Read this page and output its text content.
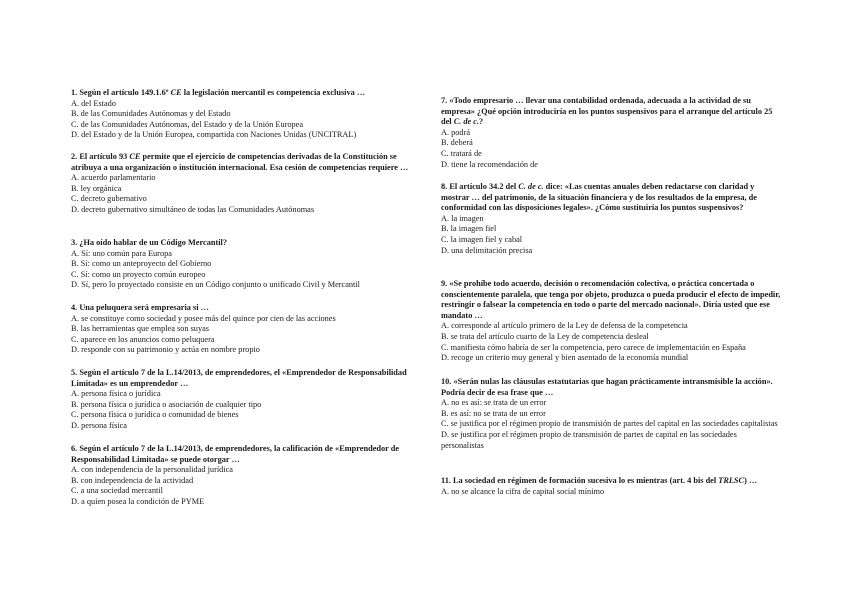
1. Según el artículo 149.1.6º CE la legislación mercantil es competencia exclusiva …

A. del Estado

B. de las Comunidades Autónomas y del Estado

C. de las Comunidades Autónomas, del Estado y de la Unión Europea

D. del Estado y de la Unión Europea, compartida con Naciones Unidas (UNCITRAL)

2. El artículo 93 CE permite que el ejercicio de competencias derivadas de la Constitución se atribuya a una organización o institución internacional. Esa cesión de competencias requiere …

A. acuerdo parlamentario

B. ley orgánica

C. decreto gubernativo

D. decreto gubernativo simultáneo de todas las Comunidades Autónomas

3. ¿Ha oído hablar de un Código Mercantil?

A. Sí: uno común para Europa

B. Sí: como un anteproyecto del Gobierno

C. Sí: como un proyecto común europeo

D. Sí, pero lo proyectado consiste en un Código conjunto o unificado Civil y Mercantil

4. Una peluquera será empresaria si …

A. se constituye como sociedad y posee más del quince por cien de las acciones

B. las herramientas que emplea son suyas

C. aparece en los anuncios como peluquera

D. responde con su patrimonio y actúa en nombre propio

5. Según el artículo 7 de la L.14/2013, de emprendedores, el «Emprendedor de Responsabilidad Limitada» es un emprendedor …

A. persona física o jurídica

B. persona física o jurídica o asociación de cualquier tipo

C. persona física o jurídica o comunidad de bienes

D. persona física

6. Según el artículo 7 de la L.14/2013, de emprendedores, la calificación de «Emprendedor de Responsabilidad Limitada» se puede otorgar …

A. con independencia de la personalidad jurídica

B. con independencia de la actividad

C. a una sociedad mercantil

D. a quien posea la condición de PYME

7. «Todo empresario … llevar una contabilidad ordenada, adecuada a la actividad de su empresa» ¿Qué opción introduciría en los puntos suspensivos para el arranque del artículo 25 del C. de c.?

A. podrá

B. deberá

C. tratará de

D. tiene la recomendación de

8. El artículo 34.2 del C. de c. dice: «Las cuentas anuales deben redactarse con claridad y mostrar … del patrimonio, de la situación financiera y de los resultados de la empresa, de conformidad con las disposiciones legales». ¿Cómo sustituiría los puntos suspensivos?

A. la imagen

B. la imagen fiel

C. la imagen fiel y cabal

D. una delimitación precisa

9. «Se prohíbe todo acuerdo, decisión o recomendación colectiva, o práctica concertada o conscientemente paralela, que tenga por objeto, produzca o pueda producir el efecto de impedir, restringir o falsear la competencia en todo o parte del mercado nacional». Diría usted que ese mandato …

A. corresponde al artículo primero de la Ley de defensa de la competencia

B. se trata del artículo cuarto de la Ley de competencia desleal

C. manifiesta cómo habría de ser la competencia, pero carece de implementación en España

D. recoge un criterio muy general y bien asentado de la economía mundial

10. «Serán nulas las cláusulas estatutarias que hagan prácticamente intransmisible la acción». Podría decir de esa frase que …

A. no es así: se trata de un error

B. es así: no se trata de un error

C. se justifica por el régimen propio de transmisión de partes del capital en las sociedades capitalistas

D. se justifica por el régimen propio de transmisión de partes de capital en las sociedades personalistas

11. La sociedad en régimen de formación sucesiva lo es mientras (art. 4 bis del TRLSC) …

A. no se alcance la cifra de capital social mínimo
